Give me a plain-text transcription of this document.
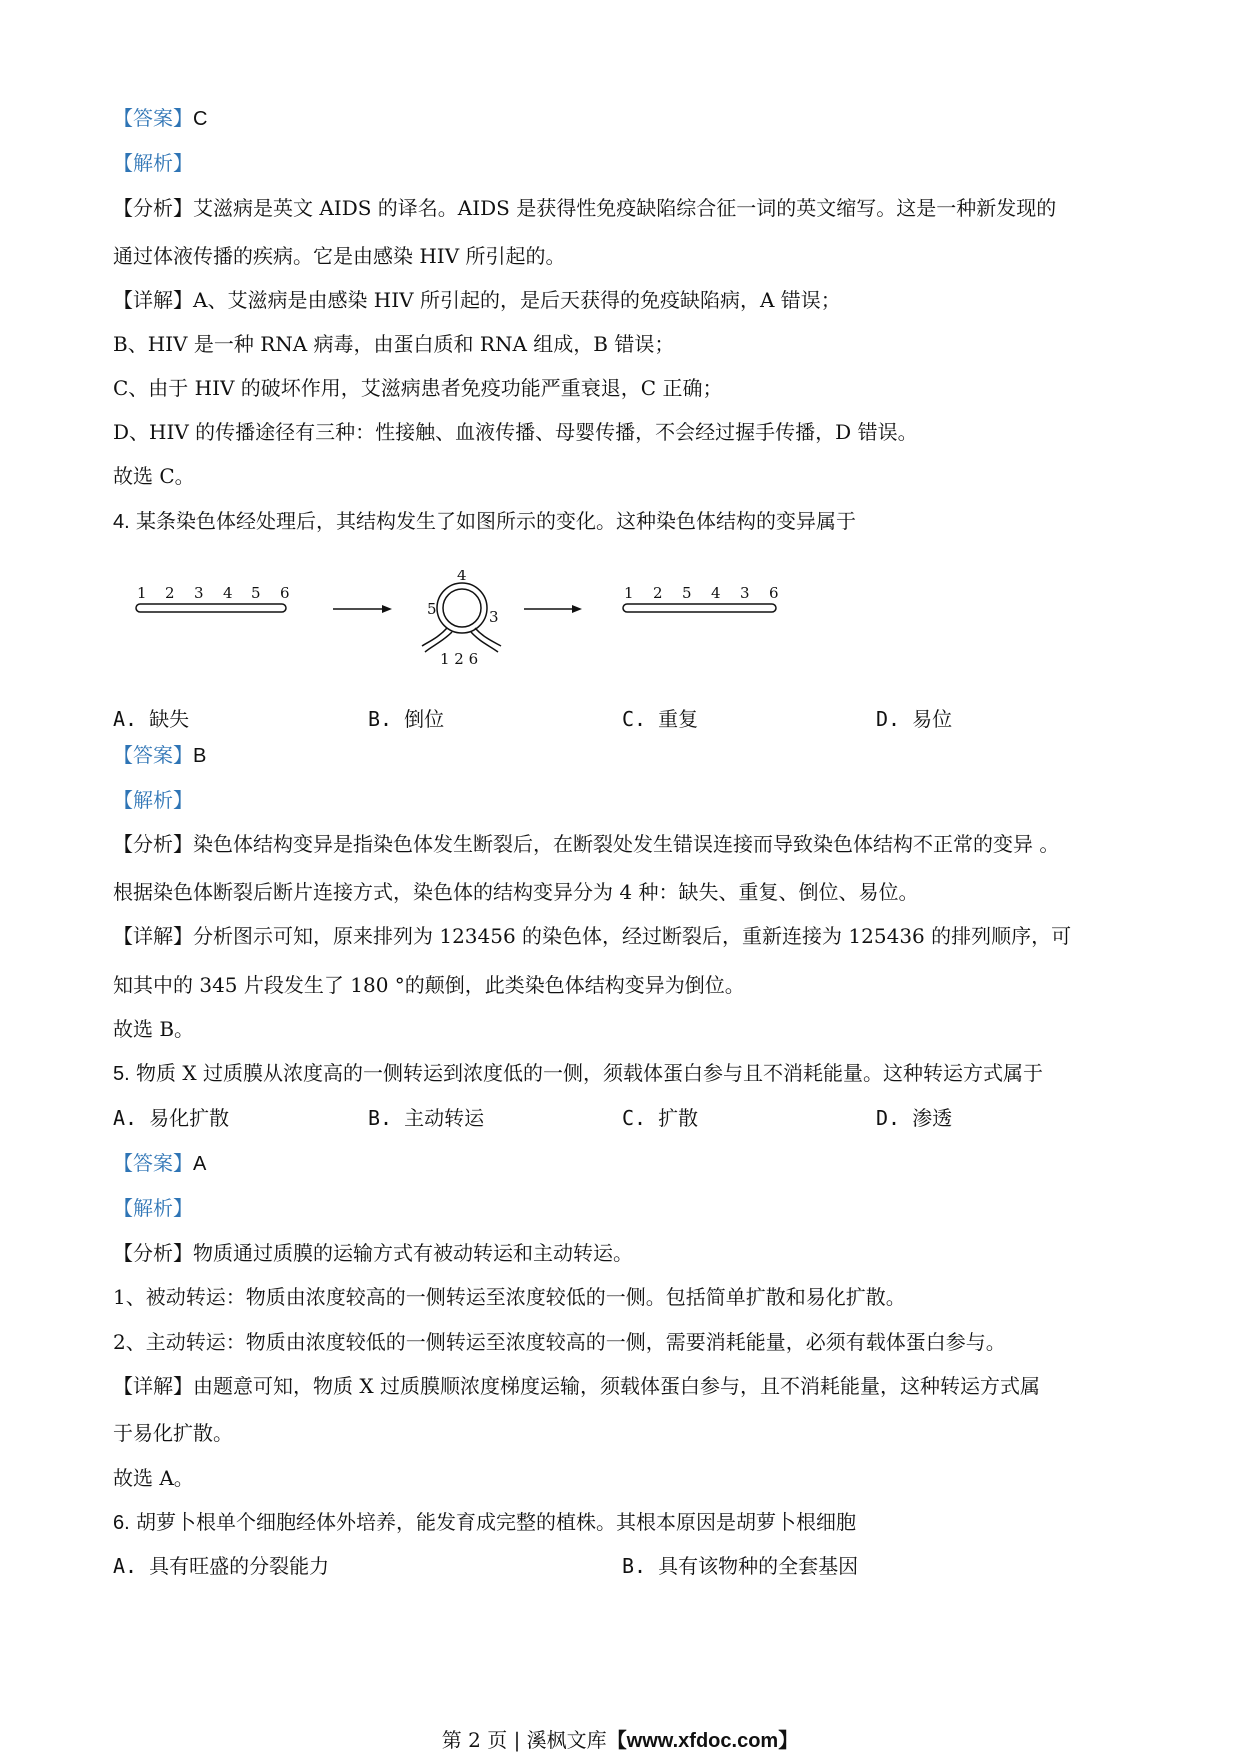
【答案】C
【解析】
【分析】艾滋病是英文 AIDS 的译名。AIDS 是获得性免疫缺陷综合征一词的英文缩写。这是一种新发现的
通过体液传播的疾病。它是由感染 HIV 所引起的。
【详解】A、艾滋病是由感染 HIV 所引起的，是后天获得的免疫缺陷病，A 错误；
B、HIV 是一种 RNA 病毒，由蛋白质和 RNA 组成，B 错误；
C、由于 HIV 的破坏作用，艾滋病患者免疫功能严重衰退，C 正确；
D、HIV 的传播途径有三种：性接触、血液传播、母婴传播，不会经过握手传播，D 错误。
故选 C。
4. 某条染色体经处理后，其结构发生了如图所示的变化。这种染色体结构的变异属于
1 2 3 4 5 6
4
5	3
1 2 6
1 2 5 4 3 6
A. 缺失	B. 倒位	C. 重复	D. 易位
【答案】B
【解析】
【分析】染色体结构变异是指染色体发生断裂后，在断裂处发生错误连接而导致染色体结构不正常的变异 。
根据染色体断裂后断片连接方式，染色体的结构变异分为 4 种：缺失、重复、倒位、易位。
【详解】分析图示可知，原来排列为 123456 的染色体，经过断裂后，重新连接为 125436 的排列顺序，可
知其中的 345 片段发生了 180 °的颠倒，此类染色体结构变异为倒位。
故选 B。
5. 物质 X 过质膜从浓度高的一侧转运到浓度低的一侧，须载体蛋白参与且不消耗能量。这种转运方式属于
A. 易化扩散	B. 主动转运	C. 扩散	D. 渗透
【答案】A
【解析】
【分析】物质通过质膜的运输方式有被动转运和主动转运。
1、被动转运：物质由浓度较高的一侧转运至浓度较低的一侧。包括简单扩散和易化扩散。
2、主动转运：物质由浓度较低的一侧转运至浓度较高的一侧，需要消耗能量，必须有载体蛋白参与。
【详解】由题意可知，物质 X 过质膜顺浓度梯度运输，须载体蛋白参与，且不消耗能量，这种转运方式属
于易化扩散。
故选 A。
6. 胡萝卜根单个细胞经体外培养，能发育成完整的植株。其根本原因是胡萝卜根细胞
A. 具有旺盛的分裂能力	B. 具有该物种的全套基因
第 2 页 | 溪枫文库【www.xfdoc.com】
